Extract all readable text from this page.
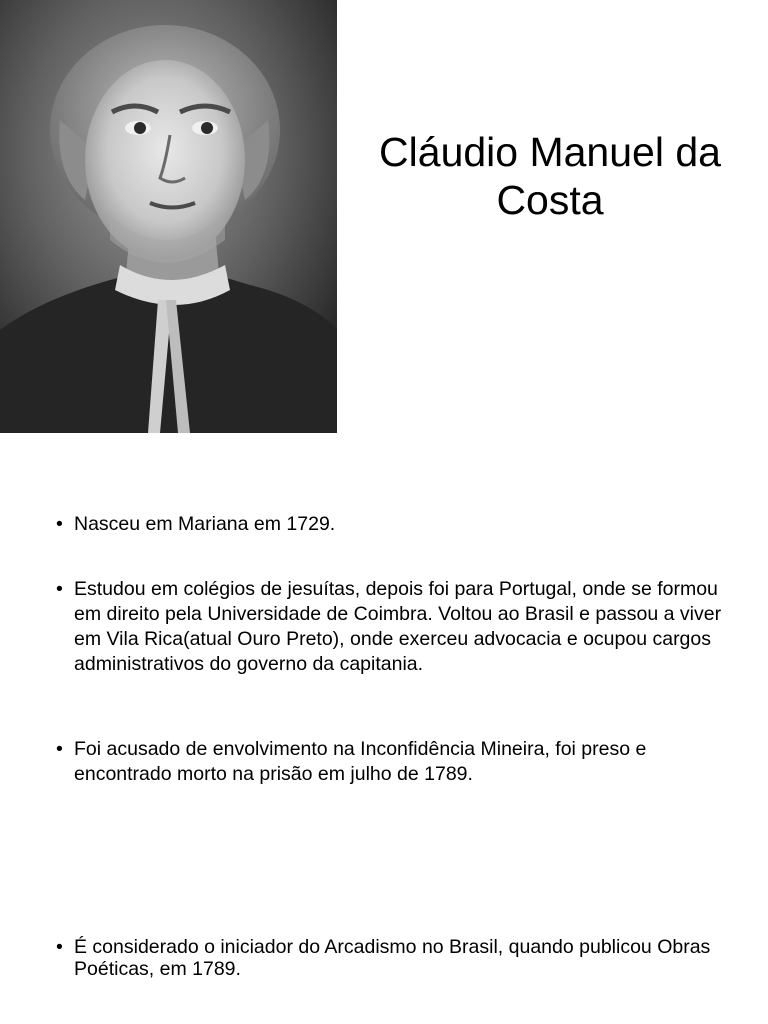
Cláudio Manuel da
Costa
• Nasceu em Mariana em 1729.
• Estudou em colégios de jesuítas, depois foi para Portugal, onde se formou em direito pela Universidade de Coimbra. Voltou ao Brasil e passou a viver em Vila Rica(atual Ouro Preto), onde exerceu advocacia e ocupou cargos administrativos do governo da capitania.
• Foi acusado de envolvimento na Inconfidência Mineira, foi preso e encontrado morto na prisão em julho de 1789.
• É considerado o iniciador do Arcadismo no Brasil, quando publicou Obras Poéticas, em 1789.
